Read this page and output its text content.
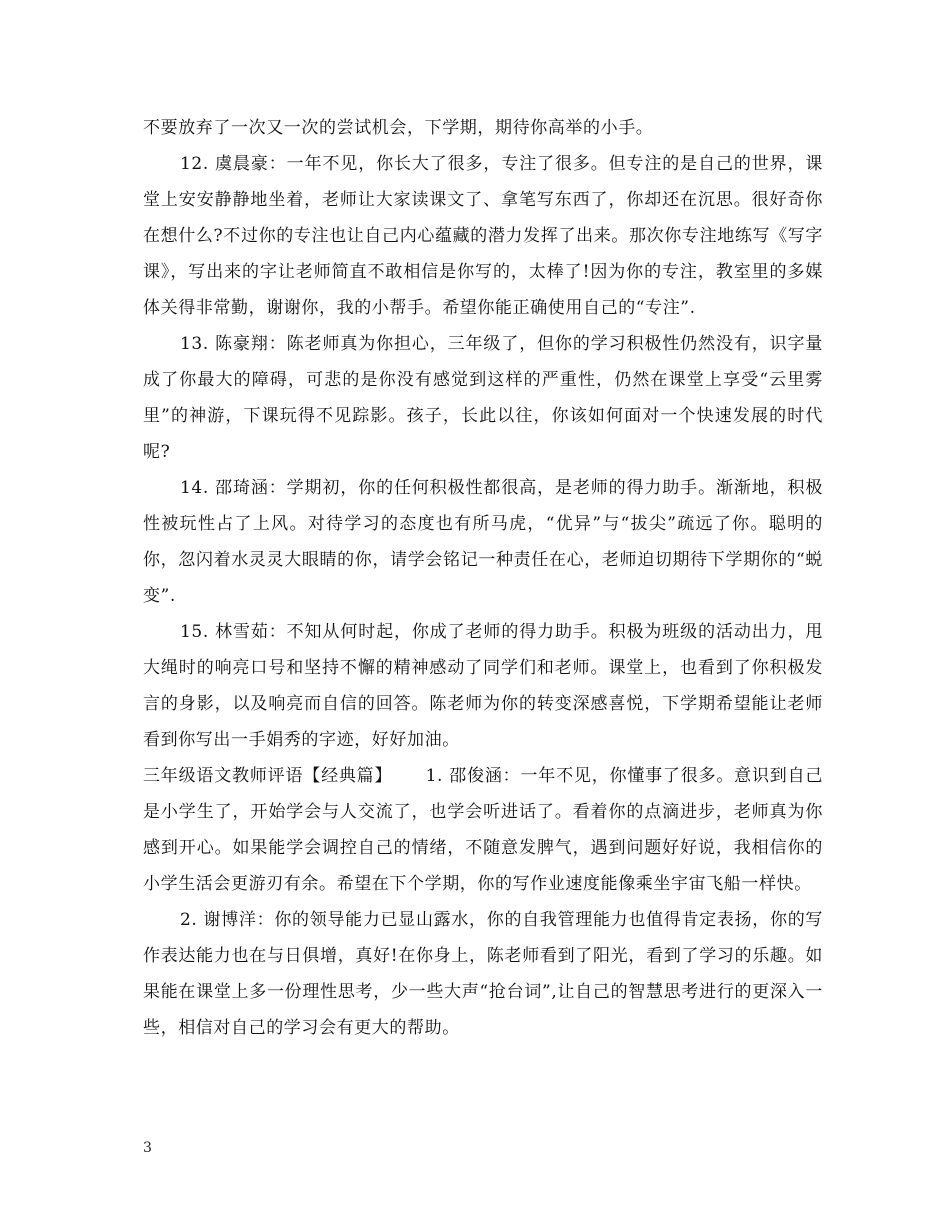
不要放弃了一次又一次的尝试机会，下学期，期待你高举的小手。

12. 虞晨豪：一年不见，你长大了很多，专注了很多。但专注的是自己的世界，课堂上安安静静地坐着，老师让大家读课文了、拿笔写东西了，你却还在沉思。很好奇你在想什么?不过你的专注也让自己内心蕴藏的潜力发挥了出来。那次你专注地练写《写字课》，写出来的字让老师简直不敢相信是你写的，太棒了!因为你的专注，教室里的多媒体关得非常勤，谢谢你，我的小帮手。希望你能正确使用自己的“专注”.

13. 陈豪翔：陈老师真为你担心，三年级了，但你的学习积极性仍然没有，识字量成了你最大的障碍，可悲的是你没有感觉到这样的严重性，仍然在课堂上享受“云里雾里”的神游，下课玩得不见踪影。孩子，长此以往，你该如何面对一个快速发展的时代呢?

14. 邵琦涵：学期初，你的任何积极性都很高，是老师的得力助手。渐渐地，积极性被玩性占了上风。对待学习的态度也有所马虎，“优异”与“拔尖”疏远了你。聪明的你，忽闪着水灵灵大眼睛的你，请学会铭记一种责任在心，老师迫切期待下学期你的“蜕变”.

15. 林雪茹：不知从何时起，你成了老师的得力助手。积极为班级的活动出力，甩大绳时的响亮口号和坚持不懈的精神感动了同学们和老师。课堂上，也看到了你积极发言的身影，以及响亮而自信的回答。陈老师为你的转变深感喜悦，下学期希望能让老师看到你写出一手娟秀的字迹，好好加油。

三年级语文教师评语【经典篇】　　 1. 邵俊涵：一年不见，你懂事了很多。意识到自己是小学生了，开始学会与人交流了，也学会听进话了。看着你的点滴进步，老师真为你感到开心。如果能学会调控自己的情绪，不随意发脾气，遇到问题好好说，我相信你的小学生活会更游刃有余。希望在下个学期，你的写作业速度能像乘坐宇宙飞船一样快。

2. 谢博洋：你的领导能力已显山露水，你的自我管理能力也值得肯定表扬，你的写作表达能力也在与日俱增，真好!在你身上，陈老师看到了阳光，看到了学习的乐趣。如果能在课堂上多一份理性思考，少一些大声“抢台词”,让自己的智慧思考进行的更深入一些，相信对自己的学习会有更大的帮助。

3
